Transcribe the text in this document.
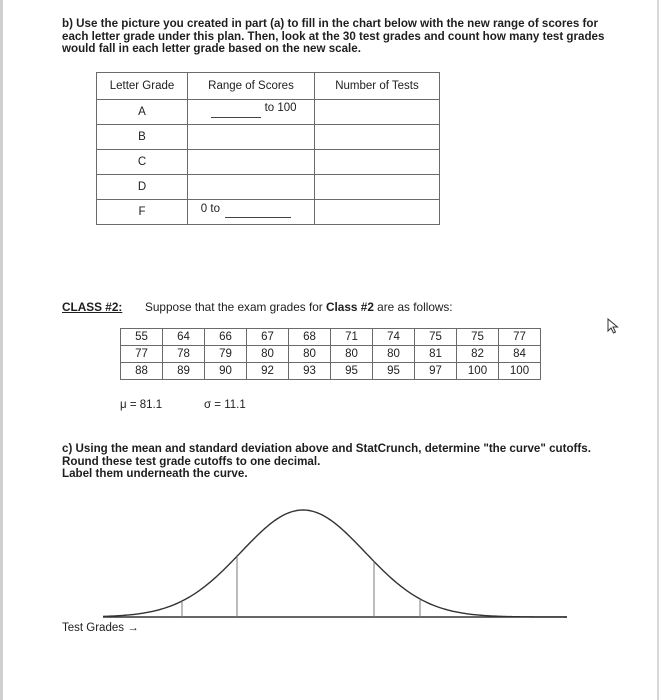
b) Use the picture you created in part (a) to fill in the chart below with the new range of scores for
each letter grade under this plan. Then, look at the 30 test grades and count how many test grades
would fall in each letter grade based on the new scale.
Letter Grade	Range of Scores	Number of Tests
A	to 100	
B		
C		
D		
F	0 to	
CLASS #2: Suppose that the exam grades for Class #2 are as follows:
55	64	66	67	68	71	74	75	75	77
77	78	79	80	80	80	80	81	82	84
88	89	90	92	93	95	95	97	100	100
μ = 81.1	σ = 11.1
c) Using the mean and standard deviation above and StatCrunch, determine "the curve" cutoffs.
Round these test grade cutoffs to one decimal.
Label them underneath the curve.
Test Grades →
